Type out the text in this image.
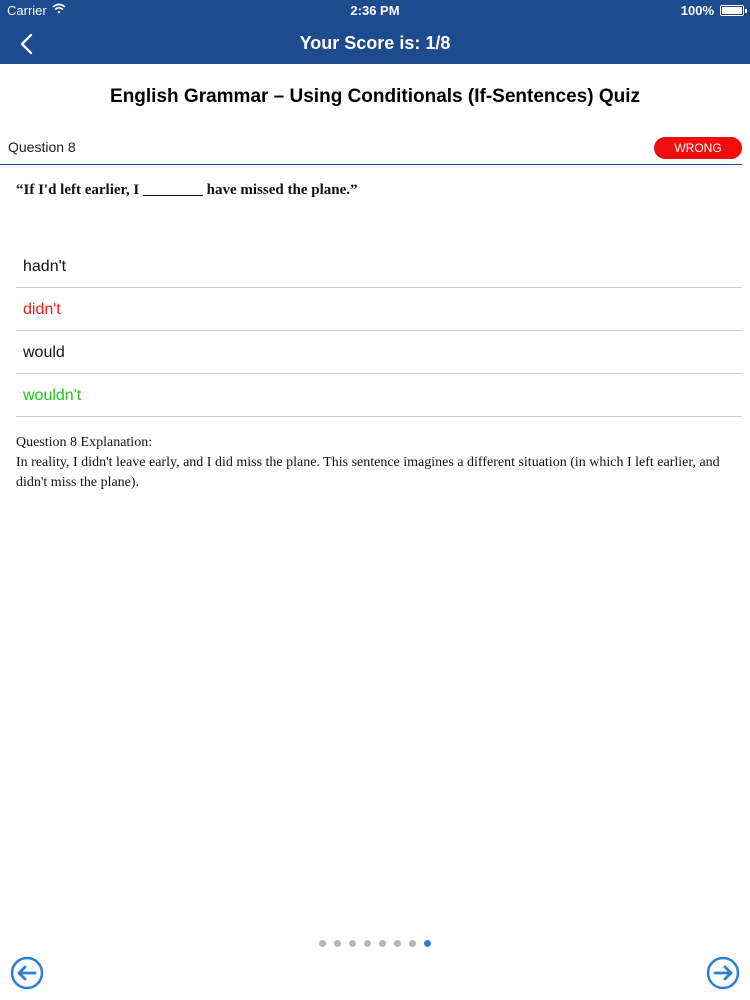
Carrier	2:36 PM	100%
Your Score is: 1/8
English Grammar – Using Conditionals (If-Sentences) Quiz
Question 8	WRONG
“If I'd left earlier, I ________ have missed the plane.”
hadn't
didn't
would
wouldn't
Question 8 Explanation:
In reality, I didn't leave early, and I did miss the plane. This sentence imagines a different situation (in which I left earlier, and didn't miss the plane).
